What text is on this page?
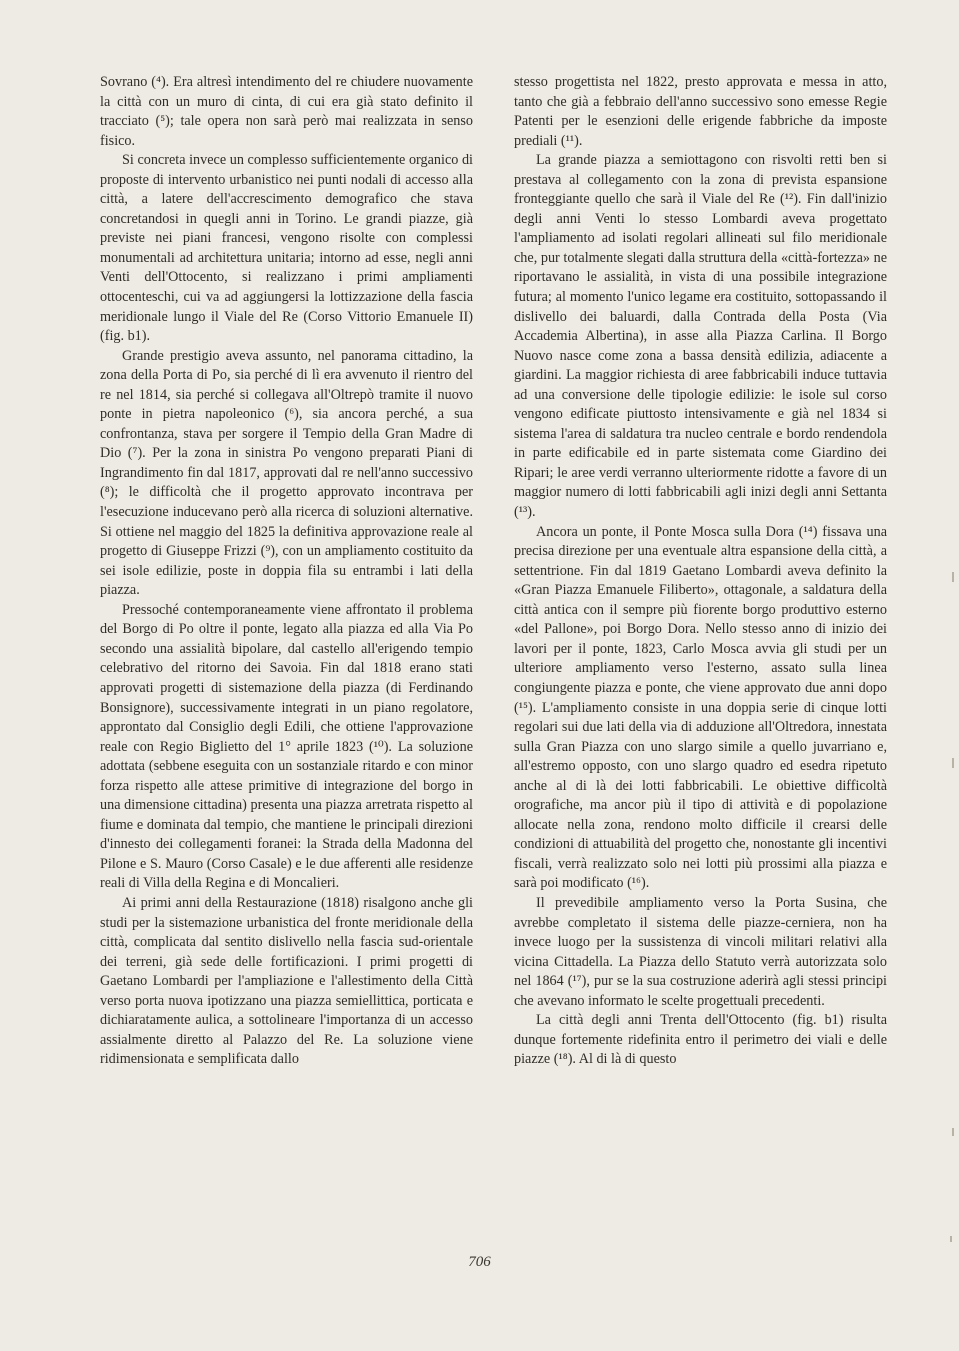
Sovrano (⁴). Era altresì intendimento del re chiudere nuovamente la città con un muro di cinta, di cui era già stato definito il tracciato (⁵); tale opera non sarà però mai realizzata in senso fisico.

Si concreta invece un complesso sufficientemente organico di proposte di intervento urbanistico nei punti nodali di accesso alla città, a latere dell'accrescimento demografico che stava concretandosi in quegli anni in Torino. Le grandi piazze, già previste nei piani francesi, vengono risolte con complessi monumentali ad architettura unitaria; intorno ad esse, negli anni Venti dell'Ottocento, si realizzano i primi ampliamenti ottocenteschi, cui va ad aggiungersi la lottizzazione della fascia meridionale lungo il Viale del Re (Corso Vittorio Emanuele II) (fig. b1).

Grande prestigio aveva assunto, nel panorama cittadino, la zona della Porta di Po, sia perché di lì era avvenuto il rientro del re nel 1814, sia perché si collegava all'Oltrepò tramite il nuovo ponte in pietra napoleonico (⁶), sia ancora perché, a sua confrontanza, stava per sorgere il Tempio della Gran Madre di Dio (⁷). Per la zona in sinistra Po vengono preparati Piani di Ingrandimento fin dal 1817, approvati dal re nell'anno successivo (⁸); le difficoltà che il progetto approvato incontrava per l'esecuzione inducevano però alla ricerca di soluzioni alternative. Si ottiene nel maggio del 1825 la definitiva approvazione reale al progetto di Giuseppe Frizzi (⁹), con un ampliamento costituito da sei isole edilizie, poste in doppia fila su entrambi i lati della piazza.

Pressoché contemporaneamente viene affrontato il problema del Borgo di Po oltre il ponte, legato alla piazza ed alla Via Po secondo una assialità bipolare, dal castello all'erigendo tempio celebrativo del ritorno dei Savoia. Fin dal 1818 erano stati approvati progetti di sistemazione della piazza (di Ferdinando Bonsignore), successivamente integrati in un piano regolatore, approntato dal Consiglio degli Edili, che ottiene l'approvazione reale con Regio Biglietto del 1° aprile 1823 (¹⁰). La soluzione adottata (sebbene eseguita con un sostanziale ritardo e con minor forza rispetto alle attese primitive di integrazione del borgo in una dimensione cittadina) presenta una piazza arretrata rispetto al fiume e dominata dal tempio, che mantiene le principali direzioni d'innesto dei collegamenti foranei: la Strada della Madonna del Pilone e S. Mauro (Corso Casale) e le due afferenti alle residenze reali di Villa della Regina e di Moncalieri.

Ai primi anni della Restaurazione (1818) risalgono anche gli studi per la sistemazione urbanistica del fronte meridionale della città, complicata dal sentito dislivello nella fascia sud-orientale dei terreni, già sede delle fortificazioni. I primi progetti di Gaetano Lombardi per l'ampliazione e l'allestimento della Città verso porta nuova ipotizzano una piazza semiellittica, porticata e dichiaratamente aulica, a sottolineare l'importanza di un accesso assialmente diretto al Palazzo del Re. La soluzione viene ridimensionata e semplificata dallo

stesso progettista nel 1822, presto approvata e messa in atto, tanto che già a febbraio dell'anno successivo sono emesse Regie Patenti per le esenzioni delle erigende fabbriche da imposte prediali (¹¹).

La grande piazza a semiottagono con risvolti retti ben si prestava al collegamento con la zona di prevista espansione fronteggiante quello che sarà il Viale del Re (¹²). Fin dall'inizio degli anni Venti lo stesso Lombardi aveva progettato l'ampliamento ad isolati regolari allineati sul filo meridionale che, pur totalmente slegati dalla struttura della «città-fortezza» ne riportavano le assialità, in vista di una possibile integrazione futura; al momento l'unico legame era costituito, sottopassando il dislivello dei baluardi, dalla Contrada della Posta (Via Accademia Albertina), in asse alla Piazza Carlina. Il Borgo Nuovo nasce come zona a bassa densità edilizia, adiacente a giardini. La maggior richiesta di aree fabbricabili induce tuttavia ad una conversione delle tipologie edilizie: le isole sul corso vengono edificate piuttosto intensivamente e già nel 1834 si sistema l'area di saldatura tra nucleo centrale e bordo rendendola in parte edificabile ed in parte sistemata come Giardino dei Ripari; le aree verdi verranno ulteriormente ridotte a favore di un maggior numero di lotti fabbricabili agli inizi degli anni Settanta (¹³).

Ancora un ponte, il Ponte Mosca sulla Dora (¹⁴) fissava una precisa direzione per una eventuale altra espansione della città, a settentrione. Fin dal 1819 Gaetano Lombardi aveva definito la «Gran Piazza Emanuele Filiberto», ottagonale, a saldatura della città antica con il sempre più fiorente borgo produttivo esterno «del Pallone», poi Borgo Dora. Nello stesso anno di inizio dei lavori per il ponte, 1823, Carlo Mosca avvia gli studi per un ulteriore ampliamento verso l'esterno, assato sulla linea congiungente piazza e ponte, che viene approvato due anni dopo (¹⁵). L'ampliamento consiste in una doppia serie di cinque lotti regolari sui due lati della via di adduzione all'Oltredora, innestata sulla Gran Piazza con uno slargo simile a quello juvarriano e, all'estremo opposto, con uno slargo quadro ed esedra ripetuto anche al di là dei lotti fabbricabili. Le obiettive difficoltà orografiche, ma ancor più il tipo di attività e di popolazione allocate nella zona, rendono molto difficile il crearsi delle condizioni di attuabilità del progetto che, nonostante gli incentivi fiscali, verrà realizzato solo nei lotti più prossimi alla piazza e sarà poi modificato (¹⁶).

Il prevedibile ampliamento verso la Porta Susina, che avrebbe completato il sistema delle piazze-cerniera, non ha invece luogo per la sussistenza di vincoli militari relativi alla vicina Cittadella. La Piazza dello Statuto verrà autorizzata solo nel 1864 (¹⁷), pur se la sua costruzione aderirà agli stessi principi che avevano informato le scelte progettuali precedenti.

La città degli anni Trenta dell'Ottocento (fig. b1) risulta dunque fortemente ridefinita entro il perimetro dei viali e delle piazze (¹⁸). Al di là di questo

706
